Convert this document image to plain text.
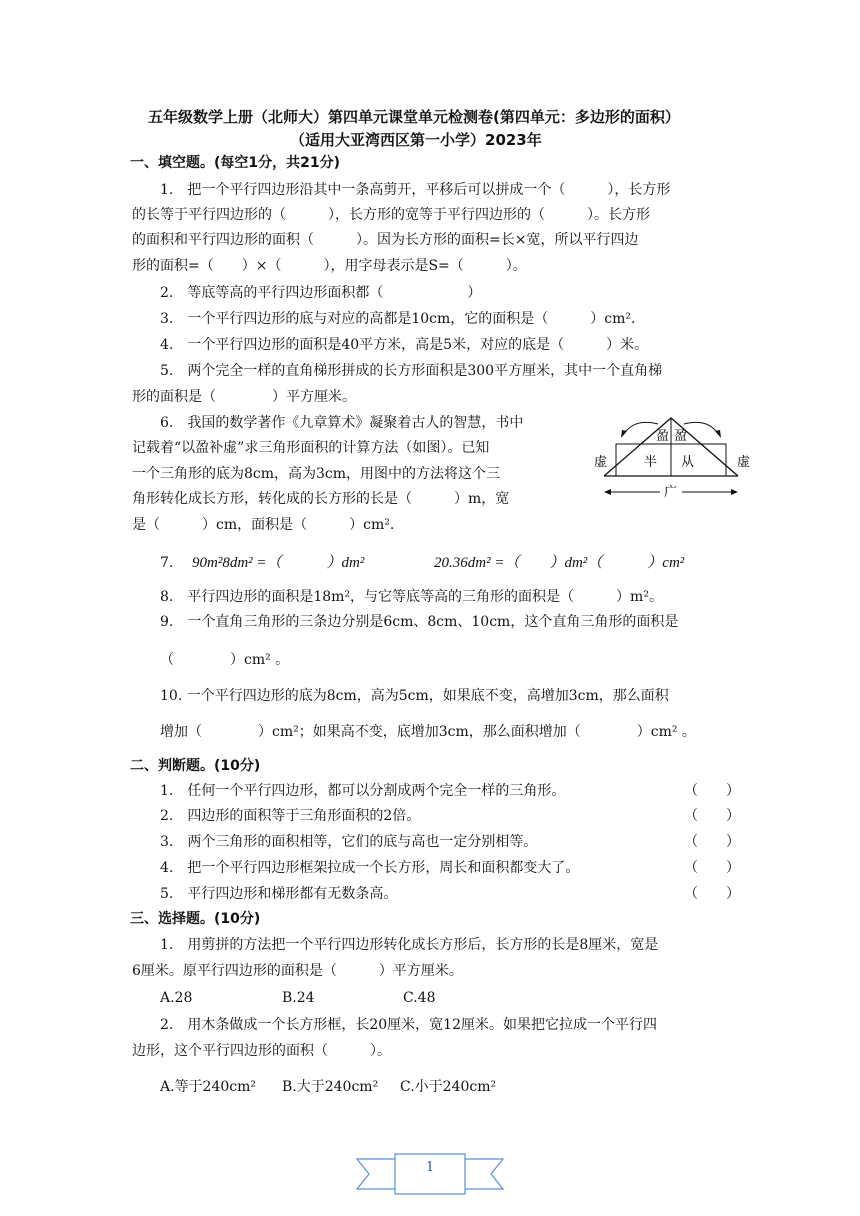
五年级数学上册（北师大）第四单元课堂单元检测卷(第四单元：多边形的面积）
（适用大亚湾西区第一小学）2023年
一、填空题。(每空1分，共21分)
1.　把一个平行四边形沿其中一条高剪开，平移后可以拼成一个（　　　），长方形
的长等于平行四边形的（　　　），长方形的宽等于平行四边形的（　　　）。长方形
的面积和平行四边形的面积（　　　）。因为长方形的面积=长×宽，所以平行四边
形的面积=（　　）×（　　　），用字母表示是S=（　　　）。
2.　等底等高的平行四边形面积都（　　　　　　）
3.　一个平行四边形的底与对应的高都是10cm，它的面积是（　　　）cm².
4.　一个平行四边形的面积是40平方米，高是5米，对应的底是（　　　）米。
5.　两个完全一样的直角梯形拼成的长方形面积是300平方厘米，其中一个直角梯
形的面积是（　　　　）平方厘米。
6.　我国的数学著作《九章算术》凝聚着古人的智慧，书中
记载着“以盈补虚”求三角形面积的计算方法（如图）。已知
一个三角形的底为8cm，高为3cm，用图中的方法将这个三
角形转化成长方形，转化成的长方形的长是（　　　）m，宽
是（　　　）cm，面积是（　　　）cm².
虚	虚
盈 盈
半 从
广
7. 90m²8dm² =（　　　）dm²	20.36dm² =（　　）dm²（　　　）cm²
8.　平行四边形的面积是18m²，与它等底等高的三角形的面积是（　　　）m²。
9.　一个直角三角形的三条边分别是6cm、8cm、10cm，这个直角三角形的面积是
（　　　　）cm² 。
10. 一个平行四边形的底为8cm，高为5cm，如果底不变，高增加3cm，那么面积
增加（　　　　）cm²；如果高不变，底增加3cm，那么面积增加（　　　　）cm² 。
二、判断题。(10分)
1.　任何一个平行四边形，都可以分割成两个完全一样的三角形。	（　　）
2.　四边形的面积等于三角形面积的2倍。	（　　）
3.　两个三角形的面积相等，它们的底与高也一定分别相等。	（　　）
4.　把一个平行四边形框架拉成一个长方形，周长和面积都变大了。	（　　）
5.　平行四边形和梯形都有无数条高。	（　　）
三、选择题。(10分)
1.　用剪拼的方法把一个平行四边形转化成长方形后，长方形的长是8厘米，宽是
6厘米。原平行四边形的面积是（　　　）平方厘米。
A.28	B.24	C.48
2.　用木条做成一个长方形框，长20厘米，宽12厘米。如果把它拉成一个平行四
边形，这个平行四边形的面积（　　　）。
A.等于240cm² B.大于240cm² C.小于240cm²
1
